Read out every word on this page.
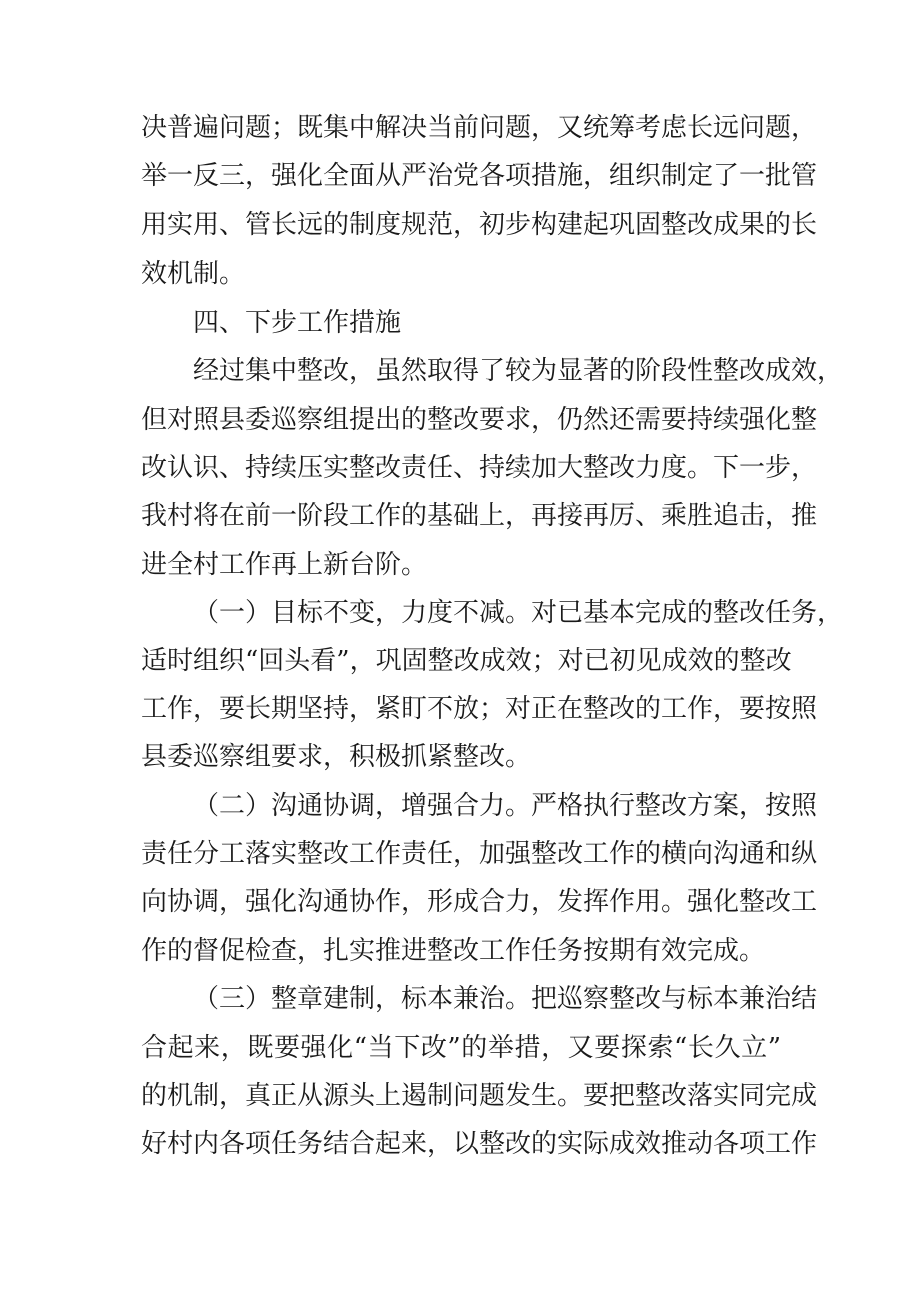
决普遍问题；既集中解决当前问题，又统筹考虑长远问题，
举一反三，强化全面从严治党各项措施，组织制定了一批管
用实用、管长远的制度规范，初步构建起巩固整改成果的长
效机制。
四、下步工作措施
经过集中整改，虽然取得了较为显著的阶段性整改成效，
但对照县委巡察组提出的整改要求，仍然还需要持续强化整
改认识、持续压实整改责任、持续加大整改力度。下一步，
我村将在前一阶段工作的基础上，再接再厉、乘胜追击，推
进全村工作再上新台阶。
（一）目标不变，力度不减。对已基本完成的整改任务，
适时组织“回头看”，巩固整改成效；对已初见成效的整改
工作，要长期坚持，紧盯不放；对正在整改的工作，要按照
县委巡察组要求，积极抓紧整改。
（二）沟通协调，增强合力。严格执行整改方案，按照
责任分工落实整改工作责任，加强整改工作的横向沟通和纵
向协调，强化沟通协作，形成合力，发挥作用。强化整改工
作的督促检查，扎实推进整改工作任务按期有效完成。
（三）整章建制，标本兼治。把巡察整改与标本兼治结
合起来，既要强化“当下改”的举措，又要探索“长久立”
的机制，真正从源头上遏制问题发生。要把整改落实同完成
好村内各项任务结合起来，以整改的实际成效推动各项工作
